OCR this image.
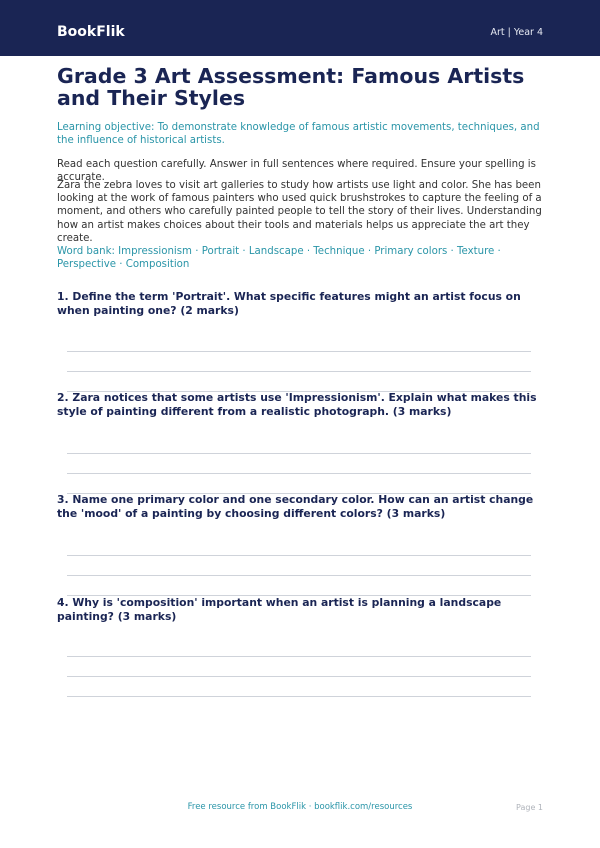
BookFlik	Art | Year 4
Grade 3 Art Assessment: Famous Artists and Their Styles
Learning objective: To demonstrate knowledge of famous artistic movements, techniques, and the influence of historical artists.
Read each question carefully. Answer in full sentences where required. Ensure your spelling is accurate.
Zara the zebra loves to visit art galleries to study how artists use light and color. She has been looking at the work of famous painters who used quick brushstrokes to capture the feeling of a moment, and others who carefully painted people to tell the story of their lives. Understanding how an artist makes choices about their tools and materials helps us appreciate the art they create.
Word bank: Impressionism · Portrait · Landscape · Technique · Primary colors · Texture · Perspective · Composition
1. Define the term 'Portrait'. What specific features might an artist focus on when painting one? (2 marks)
2. Zara notices that some artists use 'Impressionism'. Explain what makes this style of painting different from a realistic photograph. (3 marks)
3. Name one primary color and one secondary color. How can an artist change the 'mood' of a painting by choosing different colors? (3 marks)
4. Why is 'composition' important when an artist is planning a landscape painting? (3 marks)
Free resource from BookFlik · bookflik.com/resources	Page 1
